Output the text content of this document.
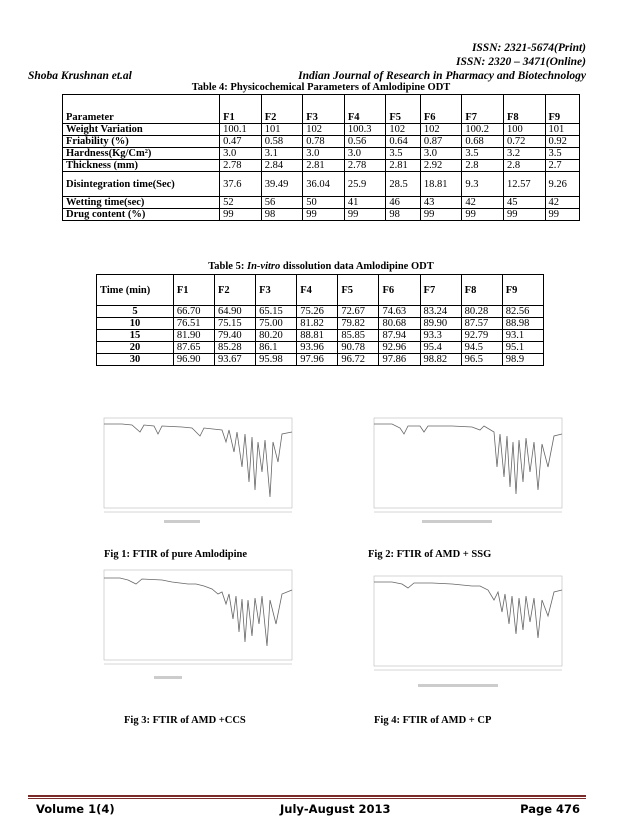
ISSN: 2321-5674(Print)
ISSN: 2320 – 3471(Online)
Shoba Krushnan et.al	Indian Journal of Research in Pharmacy and Biotechnology
Table 4: Physicochemical Parameters of Amlodipine ODT
Parameter	F1	F2	F3	F4	F5	F6	F7	F8	F9
Weight Variation	100.1	101	102	100.3	102	102	100.2	100	101
Friability (%)	0.47	0.58	0.78	0.56	0.64	0.87	0.68	0.72	0.92
Hardness(Kg/Cm²)	3.0	3.1	3.0	3.0	3.5	3.0	3.5	3.2	3.5
Thickness (mm)	2.78	2.84	2.81	2.78	2.81	2.92	2.8	2.8	2.7
Disintegration time(Sec)	37.6	39.49	36.04	25.9	28.5	18.81	9.3	12.57	9.26
Wetting time(sec)	52	56	50	41	46	43	42	45	42
Drug content (%)	99	98	99	99	98	99	99	99	99
Table 5: In-vitro dissolution data Amlodipine ODT
Time (min)	F1	F2	F3	F4	F5	F6	F7	F8	F9
5	66.70	64.90	65.15	75.26	72.67	74.63	83.24	80.28	82.56
10	76.51	75.15	75.00	81.82	79.82	80.68	89.90	87.57	88.98
15	81.90	79.40	80.20	88.81	85.85	87.94	93.3	92.79	93.1
20	87.65	85.28	86.1	93.96	90.78	92.96	95.4	94.5	95.1
30	96.90	93.67	95.98	97.96	96.72	97.86	98.82	96.5	98.9
Fig 1: FTIR of pure Amlodipine	Fig 2: FTIR of AMD + SSG
Fig 3: FTIR of AMD +CCS	Fig 4: FTIR of AMD + CP
Volume 1(4)	July-August 2013	Page 476
